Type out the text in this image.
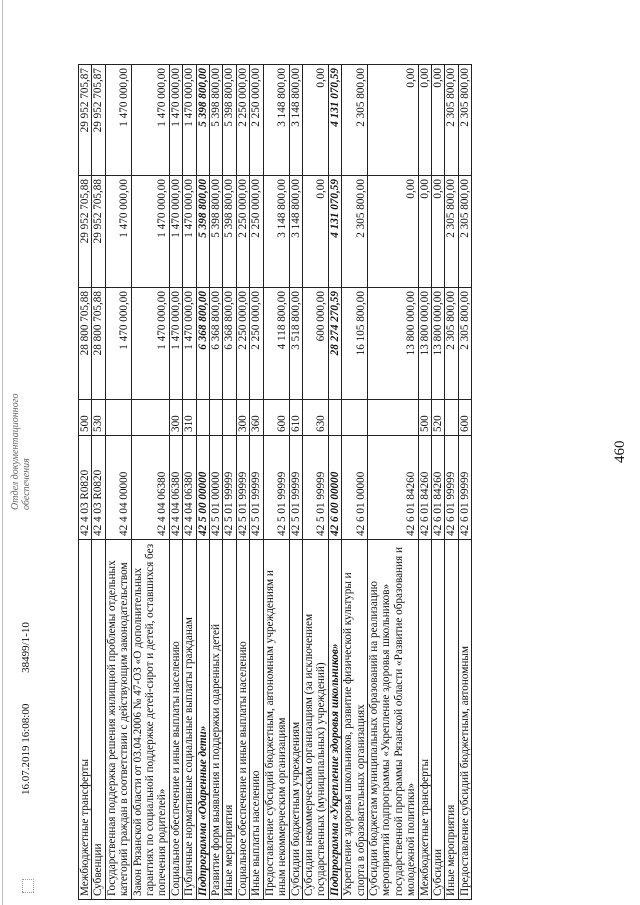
460
Межбюджетные трансферты	42 4 03 R0820	500	28 800 705,88	29 952 705,88	29 952 705,87
Субвенции	42 4 03 R0820	530	28 800 705,88	29 952 705,88	29 952 705,87
Государственная поддержка решения жилищной проблемы отдельных категорий граждан в соответствии с действующим законодательством	42 4 04 00000		1 470 000,00	1 470 000,00	1 470 000,00
Закон Рязанской области от 03.04.2006 № 47-ОЗ «О дополнительных гарантиях по социальной поддержке детей-сирот и детей, оставшихся без попечения родителей»	42 4 04 06380		1 470 000,00	1 470 000,00	1 470 000,00
Социальное обеспечение и иные выплаты населению	42 4 04 06380	300	1 470 000,00	1 470 000,00	1 470 000,00
Публичные нормативные социальные выплаты гражданам	42 4 04 06380	310	1 470 000,00	1 470 000,00	1 470 000,00
Подпрограмма «Одаренные дети»	42 5 00 00000		6 368 800,00	5 398 800,00	5 398 800,00
Развитие форм выявления и поддержки одаренных детей	42 5 01 00000		6 368 800,00	5 398 800,00	5 398 800,00
Иные мероприятия	42 5 01 99999		6 368 800,00	5 398 800,00	5 398 800,00
Социальное обеспечение и иные выплаты населению	42 5 01 99999	300	2 250 000,00	2 250 000,00	2 250 000,00
Иные выплаты населению	42 5 01 99999	360	2 250 000,00	2 250 000,00	2 250 000,00
Предоставление субсидий бюджетным, автономным учреждениям и иным некоммерческим организациям	42 5 01 99999	600	4 118 800,00	3 148 800,00	3 148 800,00
Субсидии бюджетным учреждениям	42 5 01 99999	610	3 518 800,00	3 148 800,00	3 148 800,00
Субсидии некоммерческим организациям (за исключением государственных (муниципальных) учреждений)	42 5 01 99999	630	600 000,00	0,00	0,00
Подпрограмма «Укрепление здоровья школьников»	42 6 00 00000		28 274 270,59	4 131 070,59	4 131 070,59
Укрепление здоровья школьников, развитие физической культуры и спорта в образовательных организациях	42 6 01 00000		16 105 800,00	2 305 800,00	2 305 800,00
Субсидии бюджетам муниципальных образований на реализацию мероприятий подпрограммы «Укрепление здоровья школьников» государственной программы Рязанской области «Развитие образования и молодежной политики»	42 6 01 84260		13 800 000,00	0,00	0,00
Межбюджетные трансферты	42 6 01 84260	500	13 800 000,00	0,00	0,00
Субсидии	42 6 01 84260	520	13 800 000,00	0,00	0,00
Иные мероприятия	42 6 01 99999		2 305 800,00	2 305 800,00	2 305 800,00
Предоставление субсидий бюджетным, автономным	42 6 01 99999	600	2 305 800,00	2 305 800,00	2 305 800,00
16.07.2019 16:08:00 38499/1-10
Отдел документационного обеспечения
